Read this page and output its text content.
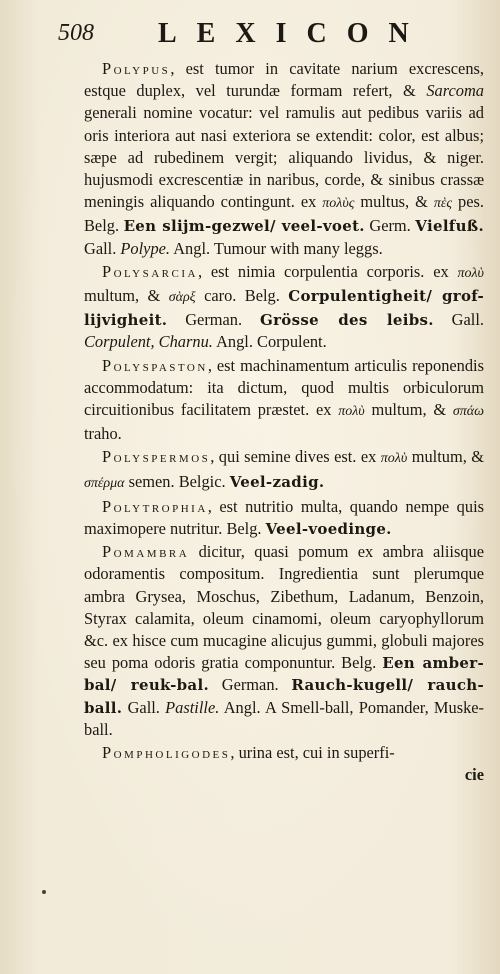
508 LEXICON

Polypus, est tumor in cavitate narium excrescens, estque duplex, vel turundæ formam refert, & Sarcoma generali nomine vocatur: vel ramulis aut pedibus variis ad oris interiora aut nasi exteriora se extendit: color, est albus; sæpe ad rubedinem vergit; aliquando lividus, & niger. hujusmodi excrescentiæ in naribus, corde, & sinibus crassæ meningis aliquando contingunt. ex πολὺς multus, & πὲς pes. Belg. Een slijm-gezwel/ veel-voet. Germ. Vielfuß. Gall. Polype. Angl. Tumour with many leggs.

Polysarcia, est nimia corpulentia corporis. ex πολὺ multum, & σὰρξ caro. Belg. Corpulentigheit/ grof-lijvigheit. German. Grösse des leibs. Gall. Corpulent, Charnu. Angl. Corpulent.

Polyspaston, est machinamentum articulis reponendis accommodatum: ita dictum, quod multis orbiculorum circuitionibus facilitatem præstet. ex πολὺ multum, & σπάω traho.

Polyspermos, qui semine dives est. ex πολὺ multum, & σπέρμα semen. Belgic. Veel-zadig.

Polytrophia, est nutritio multa, quando nempe quis maximopere nutritur. Belg. Veel-voedinge.

Pomambra dicitur, quasi pomum ex ambra aliisque odoramentis compositum. Ingredientia sunt plerumque ambra Grysea, Moschus, Zibethum, Ladanum, Benzoin, Styrax calamita, oleum cinamomi, oleum caryophyllorum &c. ex hisce cum mucagine alicujus gummi, globuli majores seu poma odoris gratia componuntur. Belg. Een amber-bal/ reuk-bal. German. Rauch-kugell/ rauch-ball. Gall. Pastille. Angl. A Smell-ball, Pomander, Muske-ball.

Pompholigodes, urina est, cui in superfi-
cie
